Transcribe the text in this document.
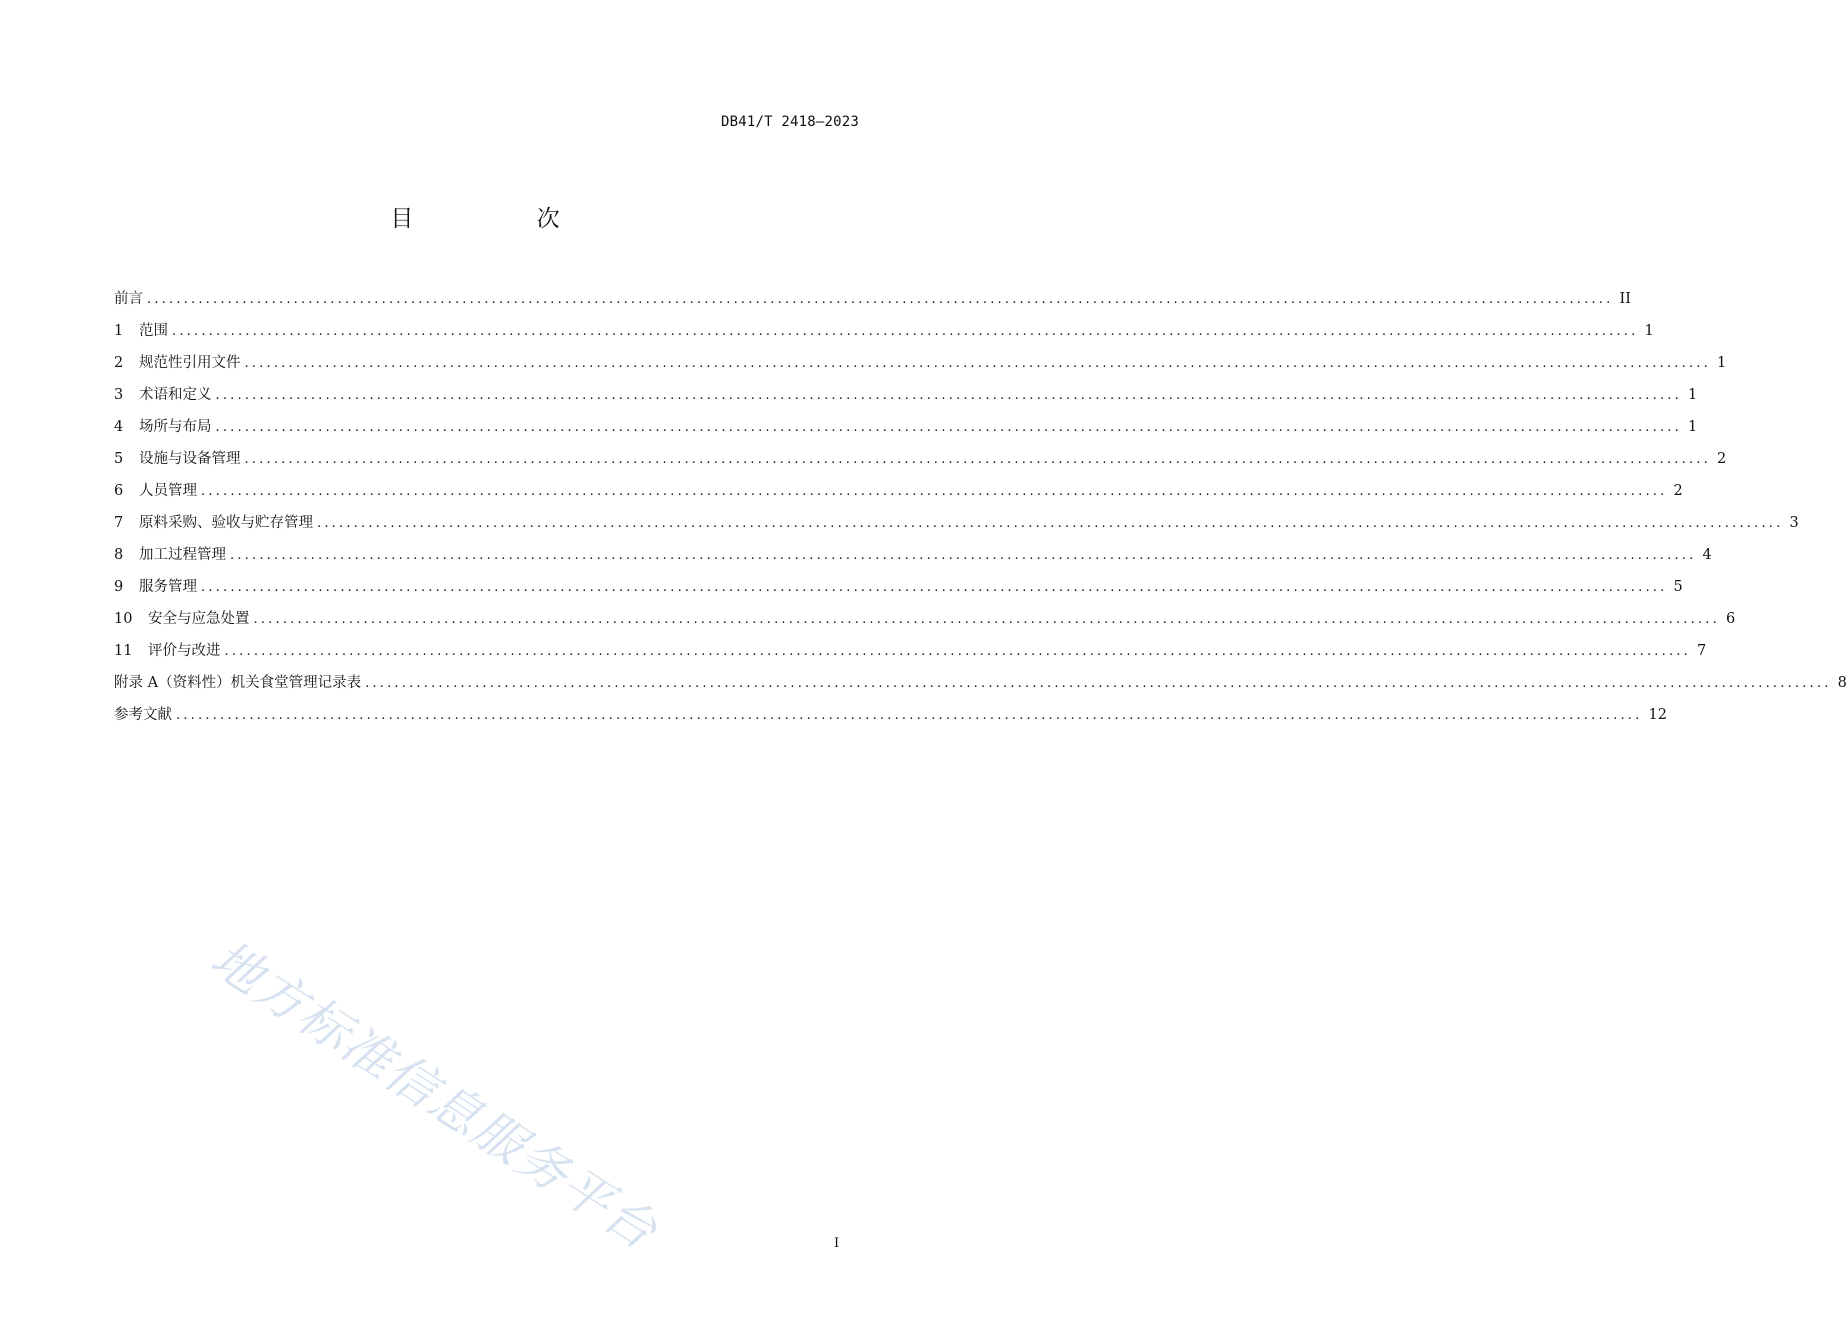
DB41/T 2418—2023
目 次
前言 ........................................................................................................................................................................................................ II
1 范围 ........................................................................................................................................................................................................ 1
2 规范性引用文件 ........................................................................................................................................................................................................ 1
3 术语和定义 ........................................................................................................................................................................................................ 1
4 场所与布局 ........................................................................................................................................................................................................ 1
5 设施与设备管理 ........................................................................................................................................................................................................ 2
6 人员管理 ........................................................................................................................................................................................................ 2
7 原料采购、验收与贮存管理 ........................................................................................................................................................................................................ 3
8 加工过程管理 ........................................................................................................................................................................................................ 4
9 服务管理 ........................................................................................................................................................................................................ 5
10 安全与应急处置 ........................................................................................................................................................................................................ 6
11 评价与改进 ........................................................................................................................................................................................................ 7
附录 A（资料性）机关食堂管理记录表 ........................................................................................................................................................................................................ 8
参考文献 ........................................................................................................................................................................................................ 12
地方标准信息服务平台	I
